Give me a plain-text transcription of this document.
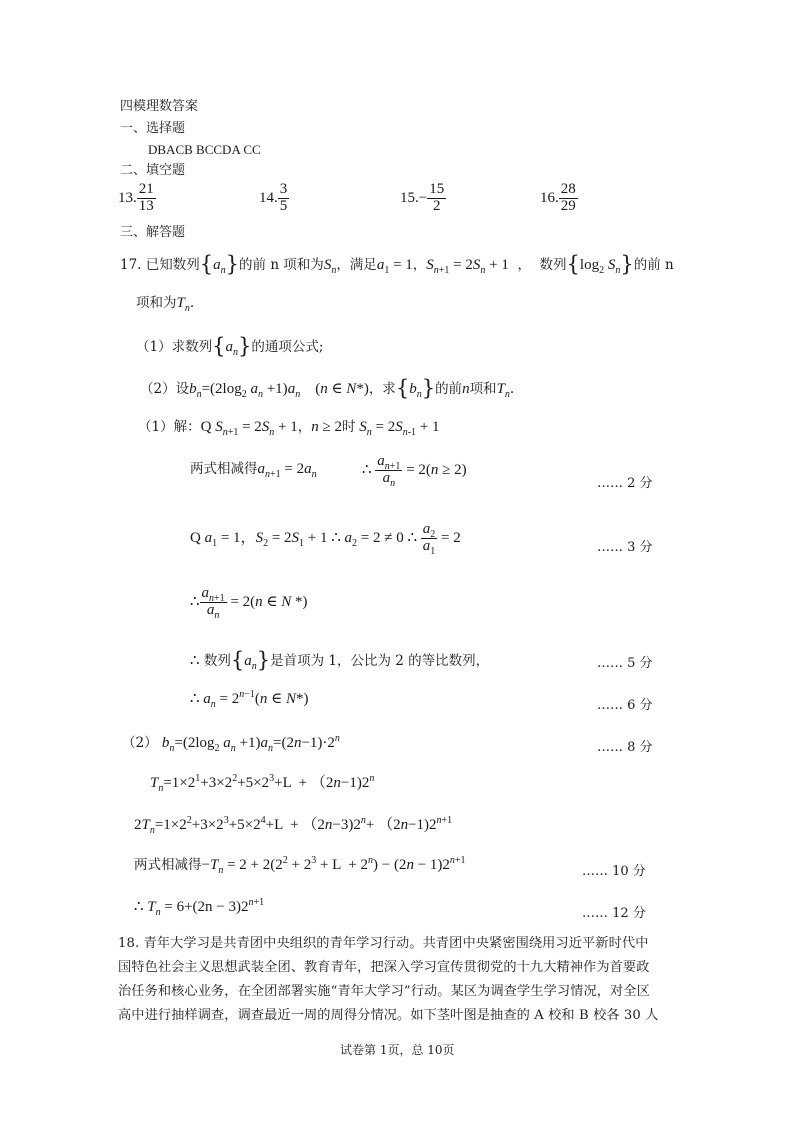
四模理数答案
一、选择题
DBACB BCCDA CC
二、填空题
13. $\frac{21}{13}$	14. $\frac{3}{5}$	$15.- \frac{15}{2}$	16. $\frac{28}{29}$
三、解答题
17. 已知数列$\{a_n\}$的前 n 项和为$S_n$，满足$a_1 = 1$，$S_{n+1} = 2S_n + 1$  ，  数列{$\log_2$ $S_n$}的前 n
项和为$T_n$.
（1）求数列$\{a_n\}$的通项公式;
（2）设$b_n=(2\log_2$ $a_n +1)a_n$    (n ∈ N*)，求$\{b_n\}$的前n项和$T_n$.
（1）解：Q $S_{n+1} = 2S_n + 1$，n ≥ 2时 $S_n = 2S_{n-1} + 1$
两式相减得$a_{n+1} = 2a_n$	∴ $\frac{a_{n+1}}{a_n} = 2(n \ge 2)$
…… 2 分
Q $a_1 = 1$，$S_2 = 2S_1 + 1$ ∴ $a_2 = 2 \ne 0$ ∴ $\frac{a_2}{a_1} = 2$
…… 3 分
∴ $\frac{a_{n+1}}{a_n} = 2(n$ ∈ N *)
∴ 数列$\{a_n\}$是首项为 1，公比为 2 的等比数列，	…… 5 分
∴ $a_n = 2^{n-1}(n$ ∈ N*)	…… 6 分
（2） $b_n=(2\log_2$ $a_n +1)a_n=(2n-1)\cdot 2^n$
…… 8 分
$T_n=1\times 2^1+3\times 2^2+5\times 2^3+L + (2n-1)2^n$
$2T_n=1\times 2^2+3\times 2^3+5\times 2^4+L + (2n-3)2^n+ (2n-1)2^{n+1}$
两式相减得$-T_n = 2 + 2(2^2 + 2^3 + L + 2^n) - (2n - 1)2^{n+1}$
…… 10 分
∴ $T_n = 6+(2n - 3)2^{n+1}$
…… 12 分
18. 青年大学习是共青团中央组织的青年学习行动。共青团中央紧密围绕用习近平新时代中
国特色社会主义思想武装全团、教育青年，把深入学习宣传贯彻党的十九大精神作为首要政
治任务和核心业务，在全团部署实施“青年大学习”行动。某区为调查学生学习情况，对全区
高中进行抽样调查，调查最近一周的周得分情况。如下茎叶图是抽查的 A 校和 B 校各 30 人
试卷第 1页，总 10页
